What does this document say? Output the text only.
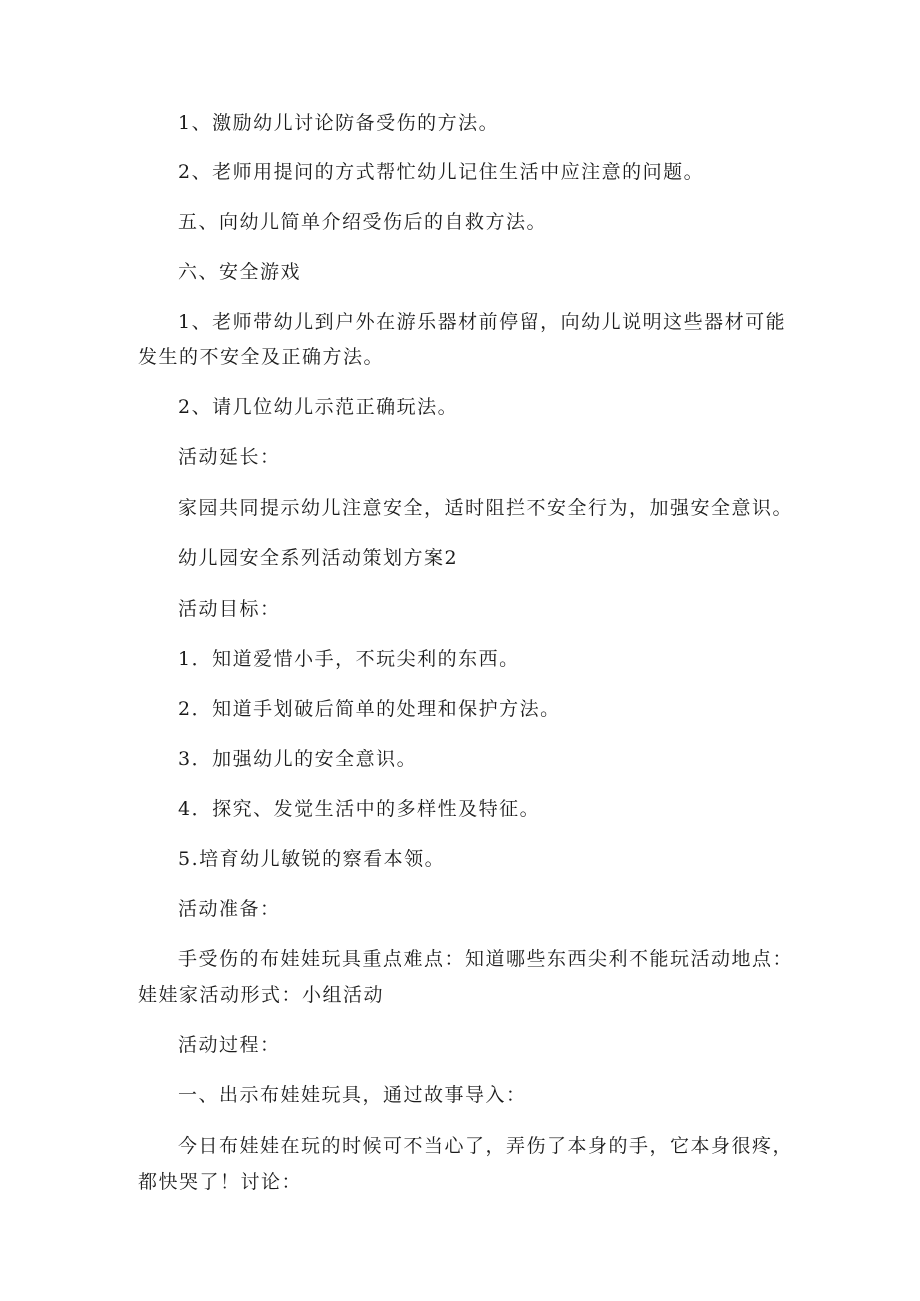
1、激励幼儿讨论防备受伤的方法。
2、老师用提问的方式帮忙幼儿记住生活中应注意的问题。
五、向幼儿简单介绍受伤后的自救方法。
六、安全游戏
1、老师带幼儿到户外在游乐器材前停留，向幼儿说明这些器材可能
发生的不安全及正确方法。
2、请几位幼儿示范正确玩法。
活动延长：
家园共同提示幼儿注意安全，适时阻拦不安全行为，加强安全意识。
幼儿园安全系列活动策划方案2
活动目标：
1．知道爱惜小手，不玩尖利的东西。
2．知道手划破后简单的处理和保护方法。
3．加强幼儿的安全意识。
4．探究、发觉生活中的多样性及特征。
5.培育幼儿敏锐的察看本领。
活动准备：
手受伤的布娃娃玩具重点难点：知道哪些东西尖利不能玩活动地点：
娃娃家活动形式：小组活动
活动过程：
一、出示布娃娃玩具，通过故事导入：
今日布娃娃在玩的时候可不当心了，弄伤了本身的手，它本身很疼，
都快哭了！讨论：
